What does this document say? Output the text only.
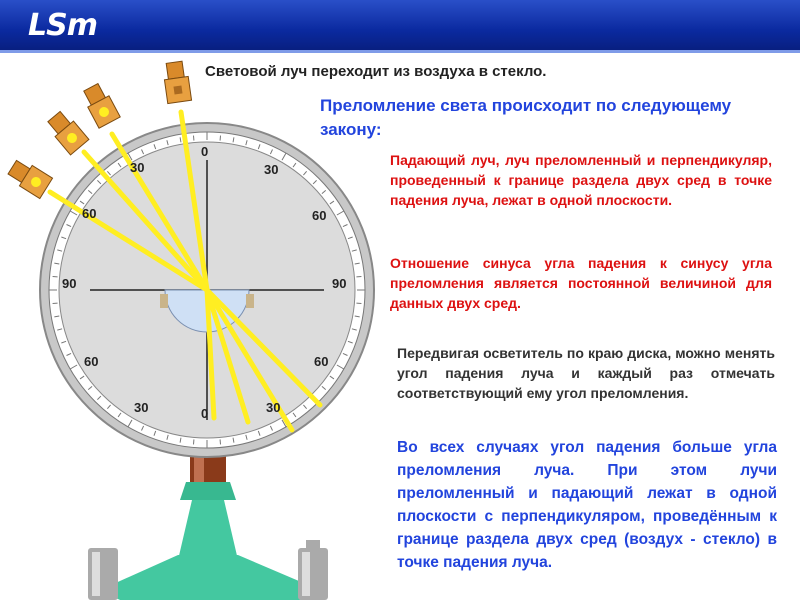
LSm
0
30	30
60	60
90	90
60	60
30	30
0
Световой луч переходит из воздуха в стекло.
Преломление света происходит по следующему закону:
Падающий луч, луч преломленный и перпендикуляр, проведенный к границе раздела двух сред в точке падения луча, лежат в одной плоскости.
Отношение синуса угла падения к синусу угла преломления является постоянной величиной для данных двух сред.
Передвигая осветитель по краю диска, можно менять угол падения луча и каждый раз отмечать соответствующий ему угол преломления.
Во всех случаях угол падения больше угла преломления луча. При этом лучи преломленный и падающий лежат в одной плоскости с перпендикуляром, проведённым к границе раздела двух сред (воздух - стекло) в точке падения луча.
